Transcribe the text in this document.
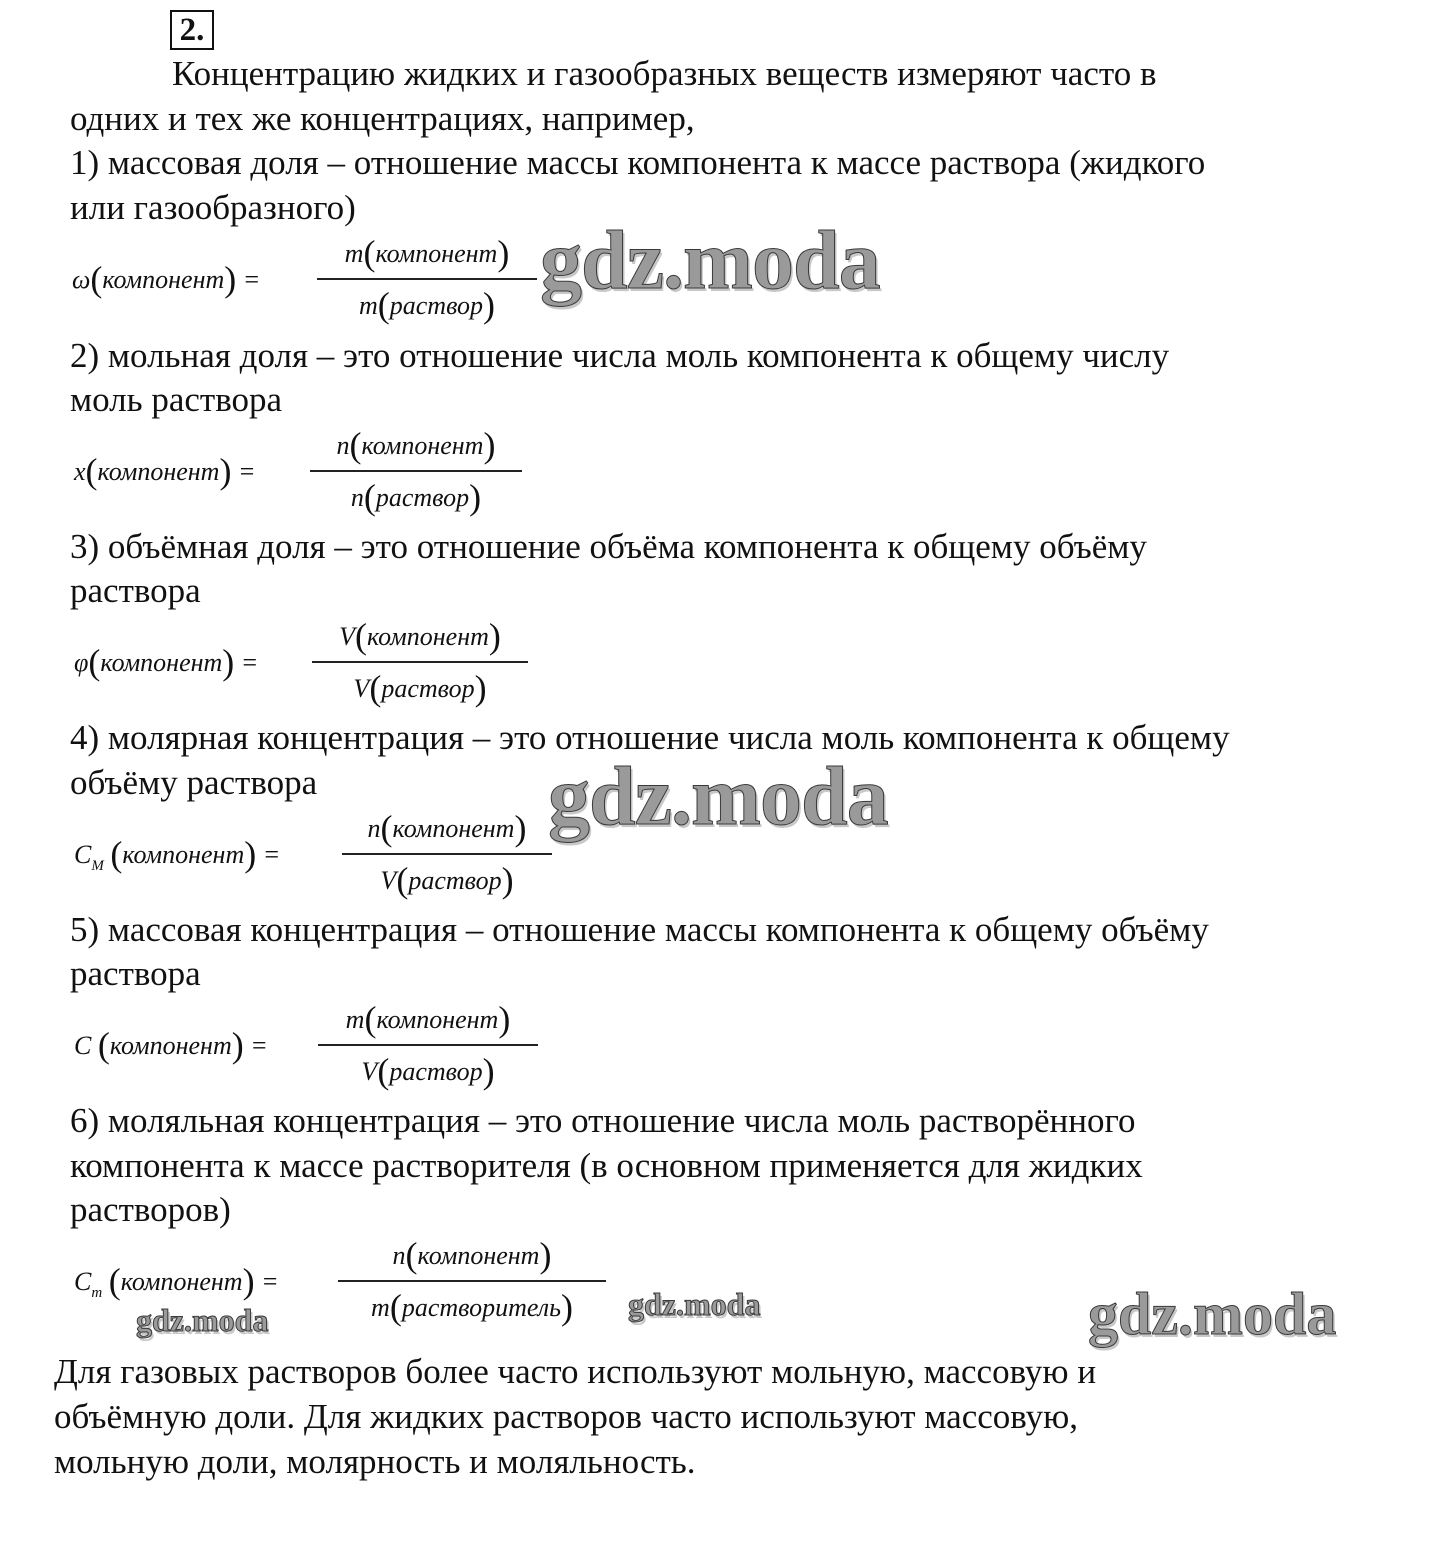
2.
Концентрацию жидких и газообразных веществ измеряют часто в
одних и тех же концентрациях, например,
1) массовая доля – отношение массы компонента к массе раствора (жидкого
или газообразного)
ω(компонент) =
m(компонент)
m(раствор)
2) мольная доля – это отношение числа моль компонента к общему числу
моль раствора
x(компонент) =
n(компонент)
n(раствор)
3) объёмная доля – это отношение объёма компонента к общему объёму
раствора
φ(компонент) =
V(компонент)
V(раствор)
4) молярная концентрация – это отношение числа моль компонента к общему
объёму раствора
$C_M$ (компонент) =
n(компонент)
V(раствор)
5) массовая концентрация – отношение массы компонента к общему объёму
раствора
C (компонент) =
m(компонент)
V(раствор)
6) моляльная концентрация – это отношение числа моль растворённого
компонента к массе растворителя (в основном применяется для жидких
растворов)
$C_m$ (компонент) =
n(компонент)
m(растворитель)
Для газовых растворов более часто используют мольную, массовую и
объёмную доли. Для жидких растворов часто используют массовую,
мольную доли, молярность и моляльность.
gdz.moda
gdz.moda
gdz.moda	gdz.moda	gdz.moda
